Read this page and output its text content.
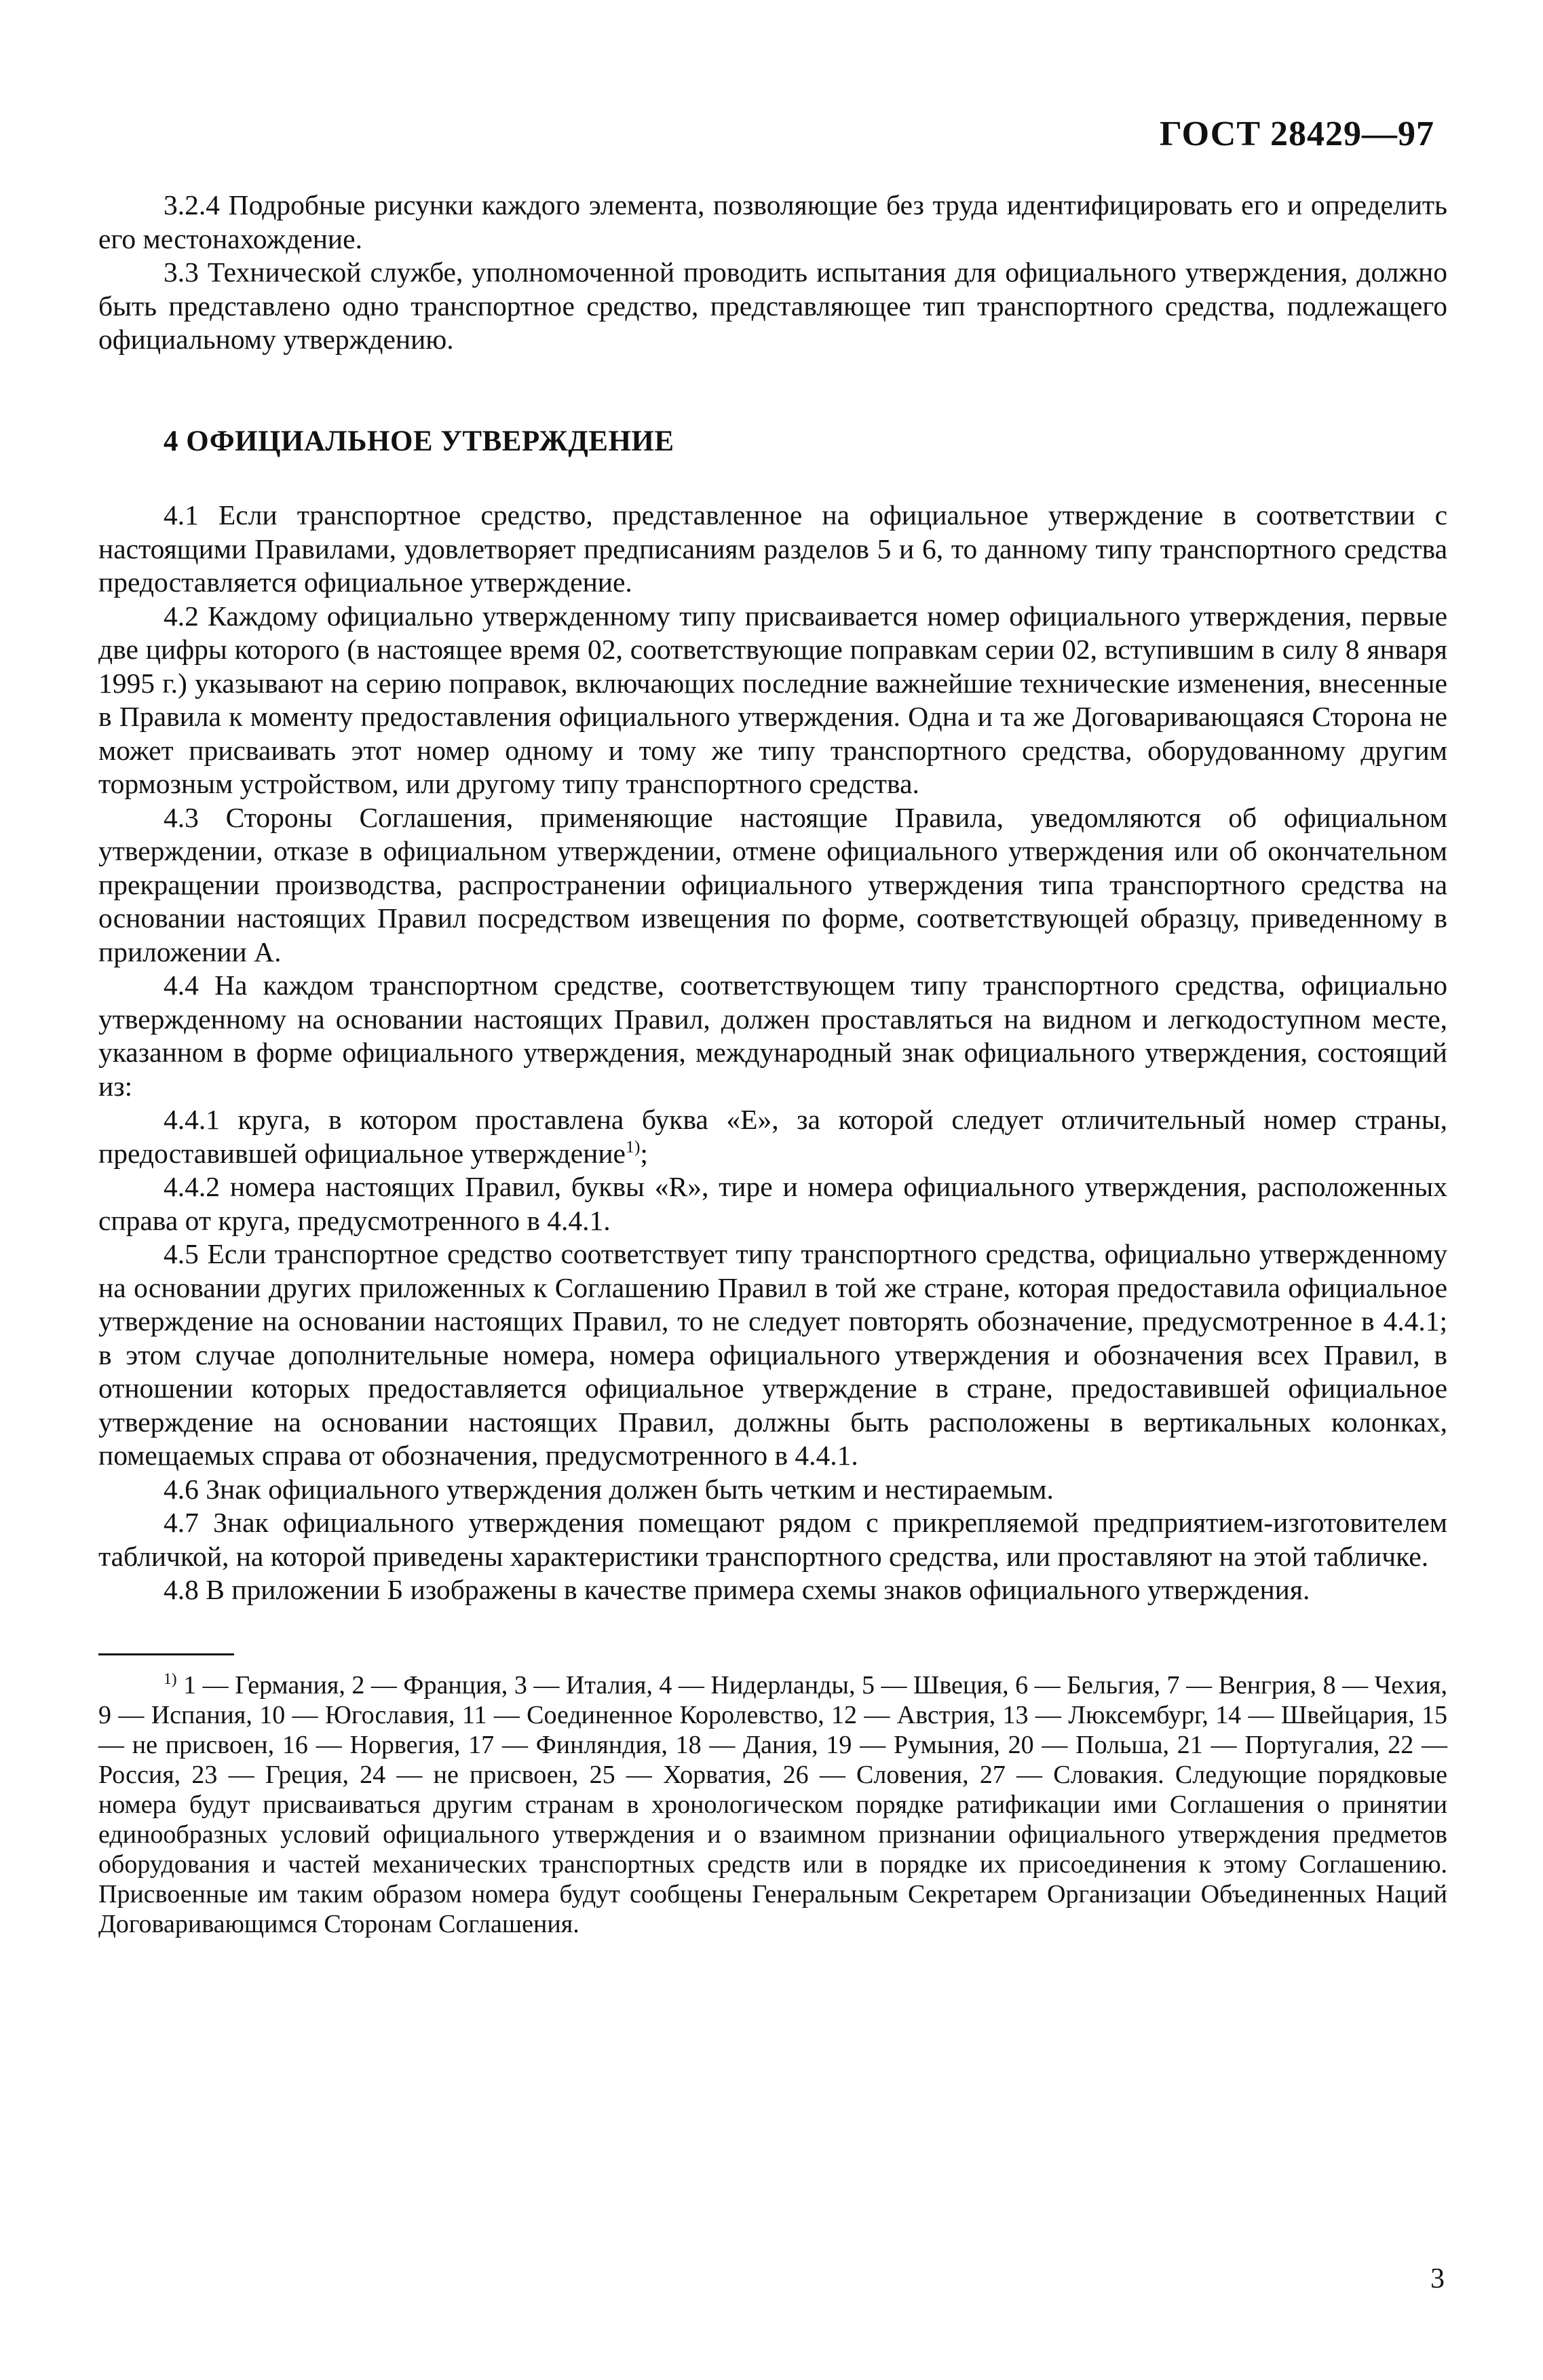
ГОСТ 28429—97

3.2.4 Подробные рисунки каждого элемента, позволяющие без труда идентифицировать его и определить его местонахождение.

3.3 Технической службе, уполномоченной проводить испытания для официального утверждения, должно быть представлено одно транспортное средство, представляющее тип транспортного средства, подлежащего официальному утверждению.

4 ОФИЦИАЛЬНОЕ УТВЕРЖДЕНИЕ

4.1 Если транспортное средство, представленное на официальное утверждение в соответствии с настоящими Правилами, удовлетворяет предписаниям разделов 5 и 6, то данному типу транспортного средства предоставляется официальное утверждение.

4.2 Каждому официально утвержденному типу присваивается номер официального утверждения, первые две цифры которого (в настоящее время 02, соответствующие поправкам серии 02, вступившим в силу 8 января 1995 г.) указывают на серию поправок, включающих последние важнейшие технические изменения, внесенные в Правила к моменту предоставления официального утверждения. Одна и та же Договаривающаяся Сторона не может присваивать этот номер одному и тому же типу транспортного средства, оборудованному другим тормозным устройством, или другому типу транспортного средства.

4.3 Стороны Соглашения, применяющие настоящие Правила, уведомляются об официальном утверждении, отказе в официальном утверждении, отмене официального утверждения или об окончательном прекращении производства, распространении официального утверждения типа транспортного средства на основании настоящих Правил посредством извещения по форме, соответствующей образцу, приведенному в приложении А.

4.4 На каждом транспортном средстве, соответствующем типу транспортного средства, официально утвержденному на основании настоящих Правил, должен проставляться на видном и легкодоступном месте, указанном в форме официального утверждения, международный знак официального утверждения, состоящий из:

4.4.1 круга, в котором проставлена буква «Е», за которой следует отличительный номер страны, предоставившей официальное утверждение$^{1)}$;

4.4.2 номера настоящих Правил, буквы «R», тире и номера официального утверждения, расположенных справа от круга, предусмотренного в 4.4.1.

4.5 Если транспортное средство соответствует типу транспортного средства, официально утвержденному на основании других приложенных к Соглашению Правил в той же стране, которая предоставила официальное утверждение на основании настоящих Правил, то не следует повторять обозначение, предусмотренное в 4.4.1; в этом случае дополнительные номера, номера официального утверждения и обозначения всех Правил, в отношении которых предоставляется официальное утверждение в стране, предоставившей официальное утверждение на основании настоящих Правил, должны быть расположены в вертикальных колонках, помещаемых справа от обозначения, предусмотренного в 4.4.1.

4.6 Знак официального утверждения должен быть четким и нестираемым.

4.7 Знак официального утверждения помещают рядом с прикрепляемой предприятием-изготовителем табличкой, на которой приведены характеристики транспортного средства, или проставляют на этой табличке.

4.8 В приложении Б изображены в качестве примера схемы знаков официального утверждения.

$^{1)}$ 1 — Германия, 2 — Франция, 3 — Италия, 4 — Нидерланды, 5 — Швеция, 6 — Бельгия, 7 — Венгрия, 8 — Чехия, 9 — Испания, 10 — Югославия, 11 — Соединенное Королевство, 12 — Австрия, 13 — Люксембург, 14 — Швейцария, 15 — не присвоен, 16 — Норвегия, 17 — Финляндия, 18 — Дания, 19 — Румыния, 20 — Польша, 21 — Португалия, 22 — Россия, 23 — Греция, 24 — не присвоен, 25 — Хорватия, 26 — Словения, 27 — Словакия. Следующие порядковые номера будут присваиваться другим странам в хронологическом порядке ратификации ими Соглашения о принятии единообразных условий официального утверждения и о взаимном признании официального утверждения предметов оборудования и частей механических транспортных средств или в порядке их присоединения к этому Соглашению. Присвоенные им таким образом номера будут сообщены Генеральным Секретарем Организации Объединенных Наций Договаривающимся Сторонам Соглашения.

3
